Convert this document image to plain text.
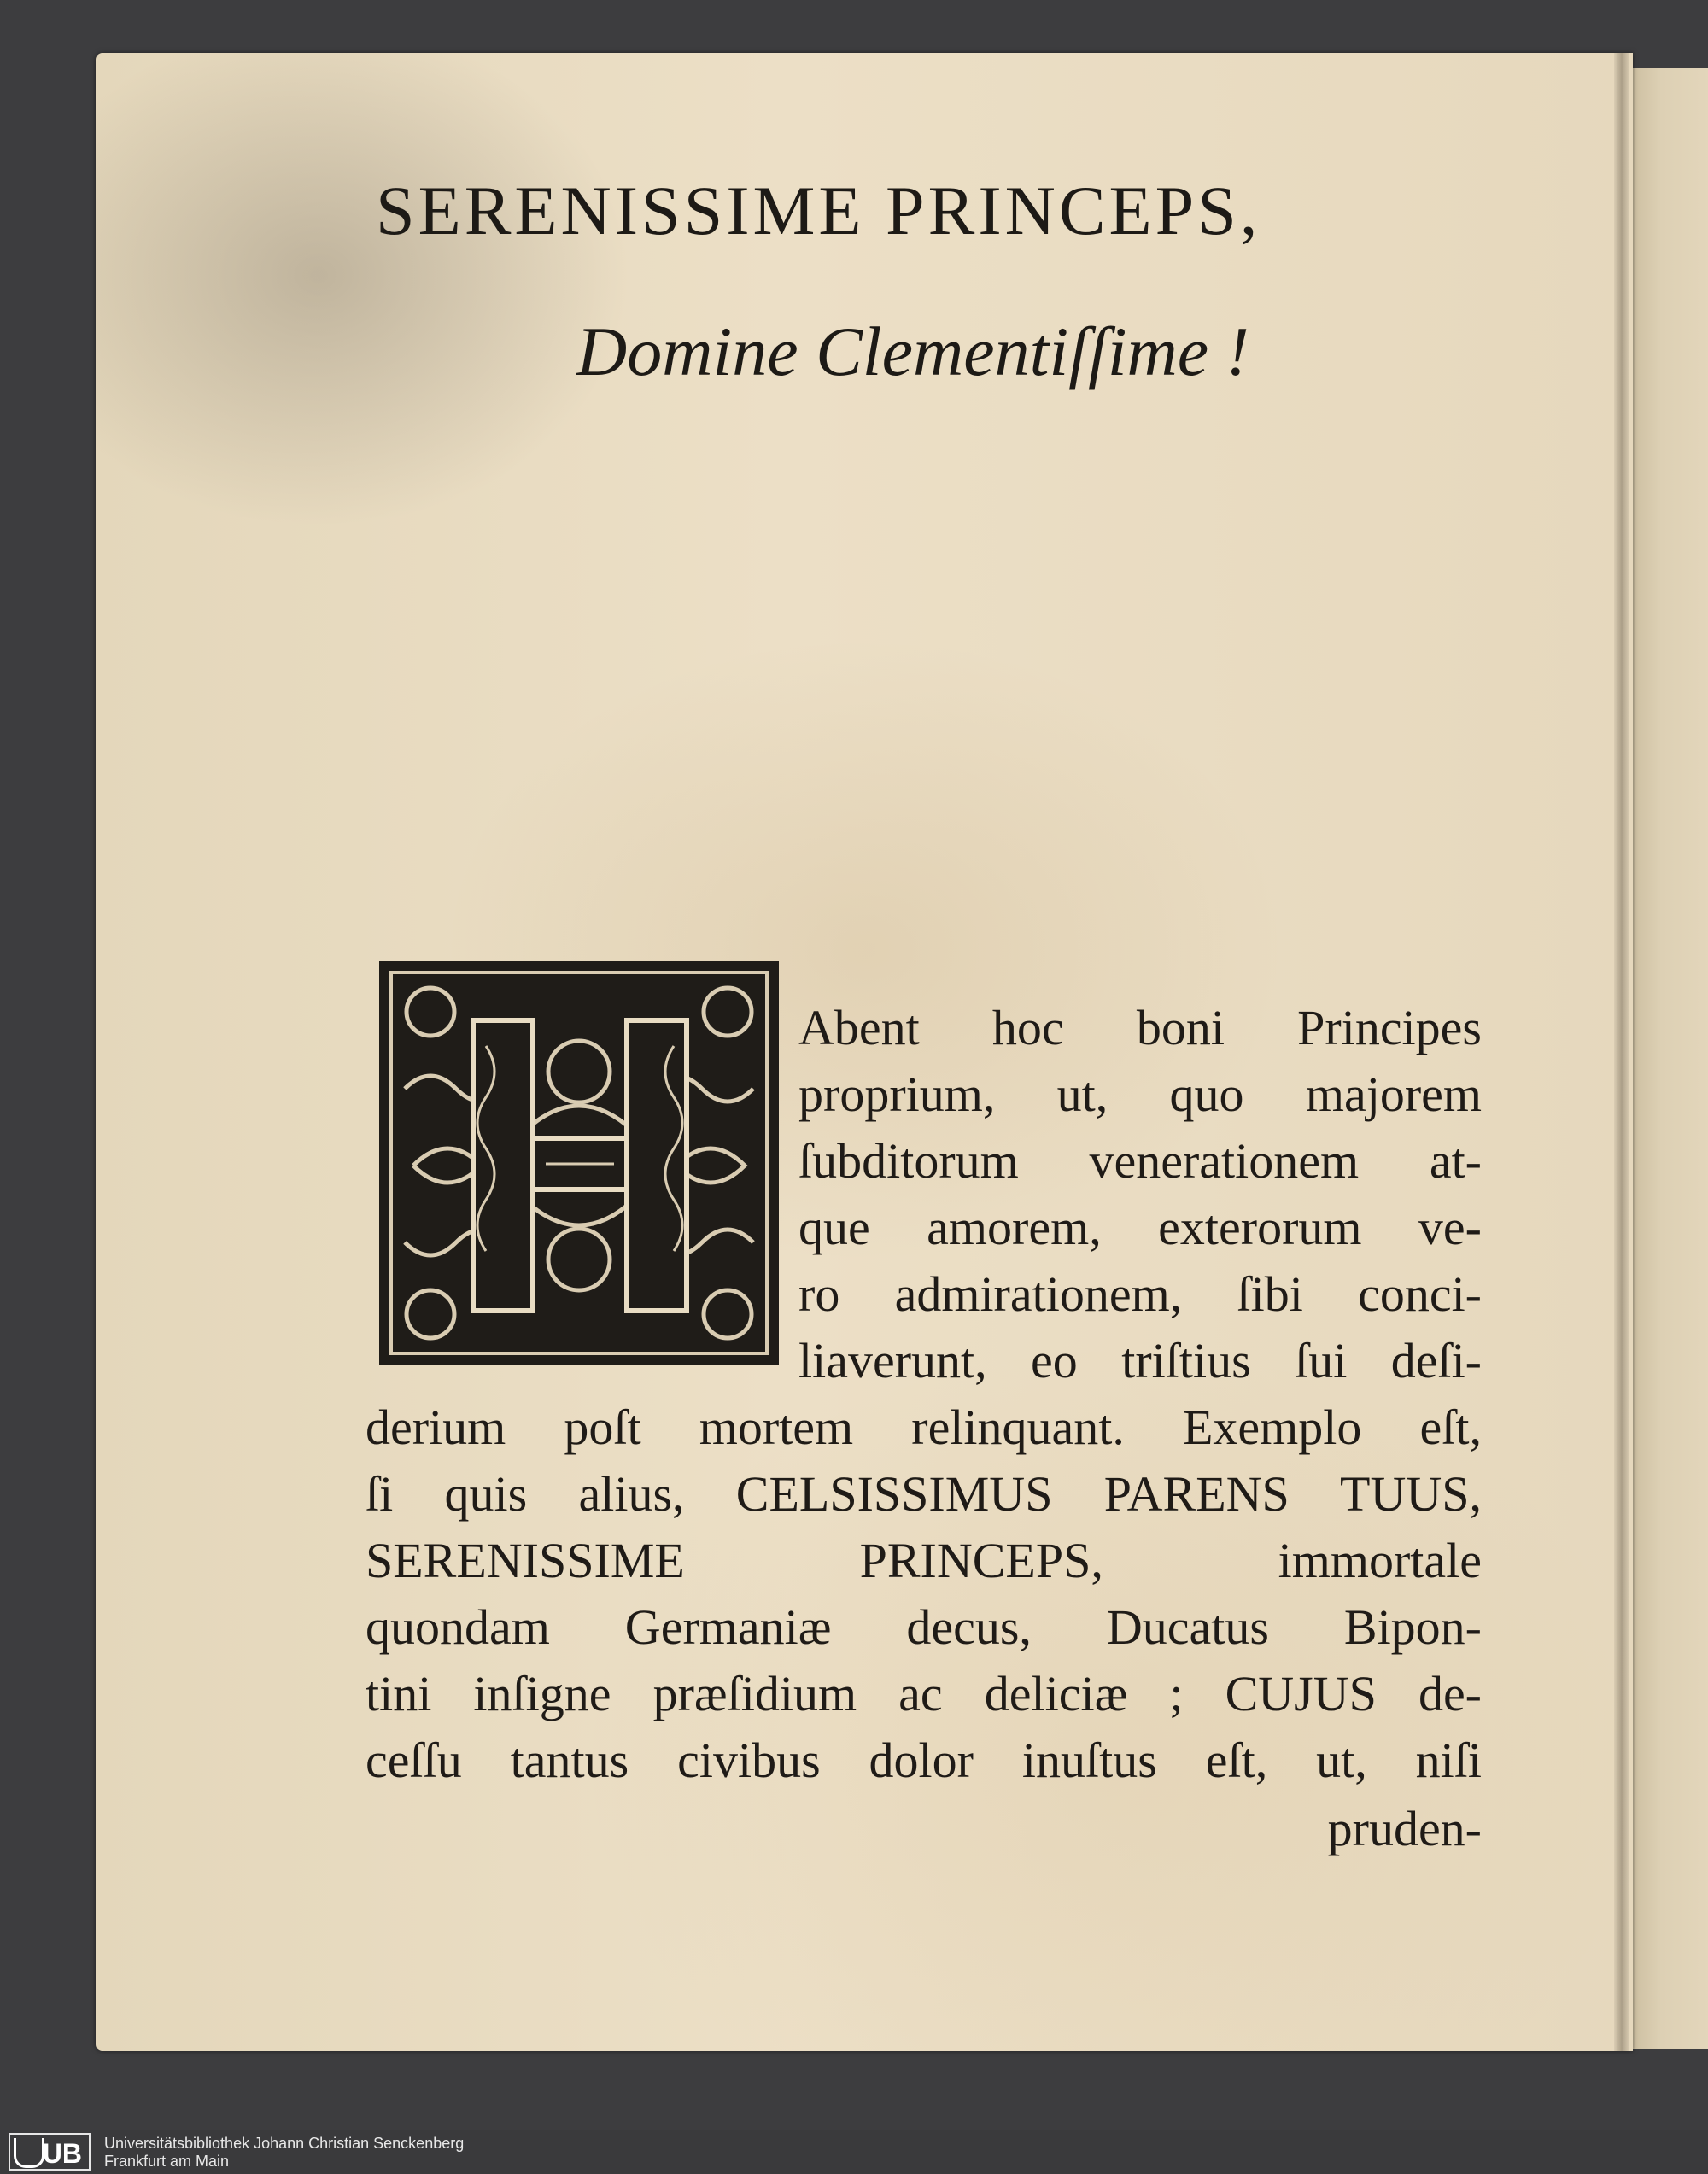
SERENISSIME PRINCEPS,
Domine Clementiſſime !
Abent hoc boni Principes
proprium, ut, quo majorem
ſubditorum venerationem at-
que amorem, exterorum ve-
ro admirationem, ſibi conci-
liaverunt, eo triſtius ſui deſi-
derium poſt mortem relinquant. Exemplo eſt,
ſi quis alius, CELSISSIMUS PARENS TUUS,
SERENISSIME PRINCEPS, immortale
quondam Germaniæ decus, Ducatus Bipon-
tini inſigne præſidium ac deliciæ ; CUJUS de-
ceſſu tantus civibus dolor inuſtus eſt, ut, niſi
pruden-
UB	Universitätsbibliothek Johann Christian Senckenberg
Frankfurt am Main
